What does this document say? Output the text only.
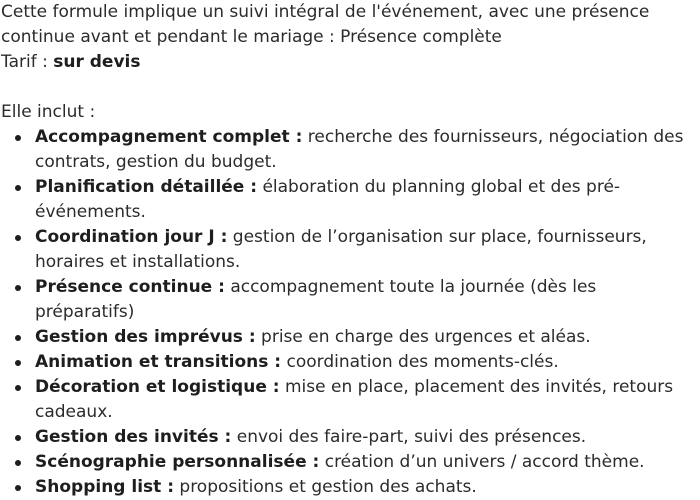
Cette formule implique un suivi intégral de l'événement, avec une présence continue avant et pendant le mariage : Présence complète
Tarif : sur devis

Elle inclut :

Accompagnement complet : recherche des fournisseurs, négociation des contrats, gestion du budget.
Planification détaillée : élaboration du planning global et des pré-événements.
Coordination jour J : gestion de l’organisation sur place, fournisseurs, horaires et installations.
Présence continue : accompagnement toute la journée (dès les préparatifs)
Gestion des imprévus : prise en charge des urgences et aléas.
Animation et transitions : coordination des moments-clés.
Décoration et logistique : mise en place, placement des invités, retours cadeaux.
Gestion des invités : envoi des faire-part, suivi des présences.
Scénographie personnalisée : création d’un univers / accord thème.
Shopping list : propositions et gestion des achats.
